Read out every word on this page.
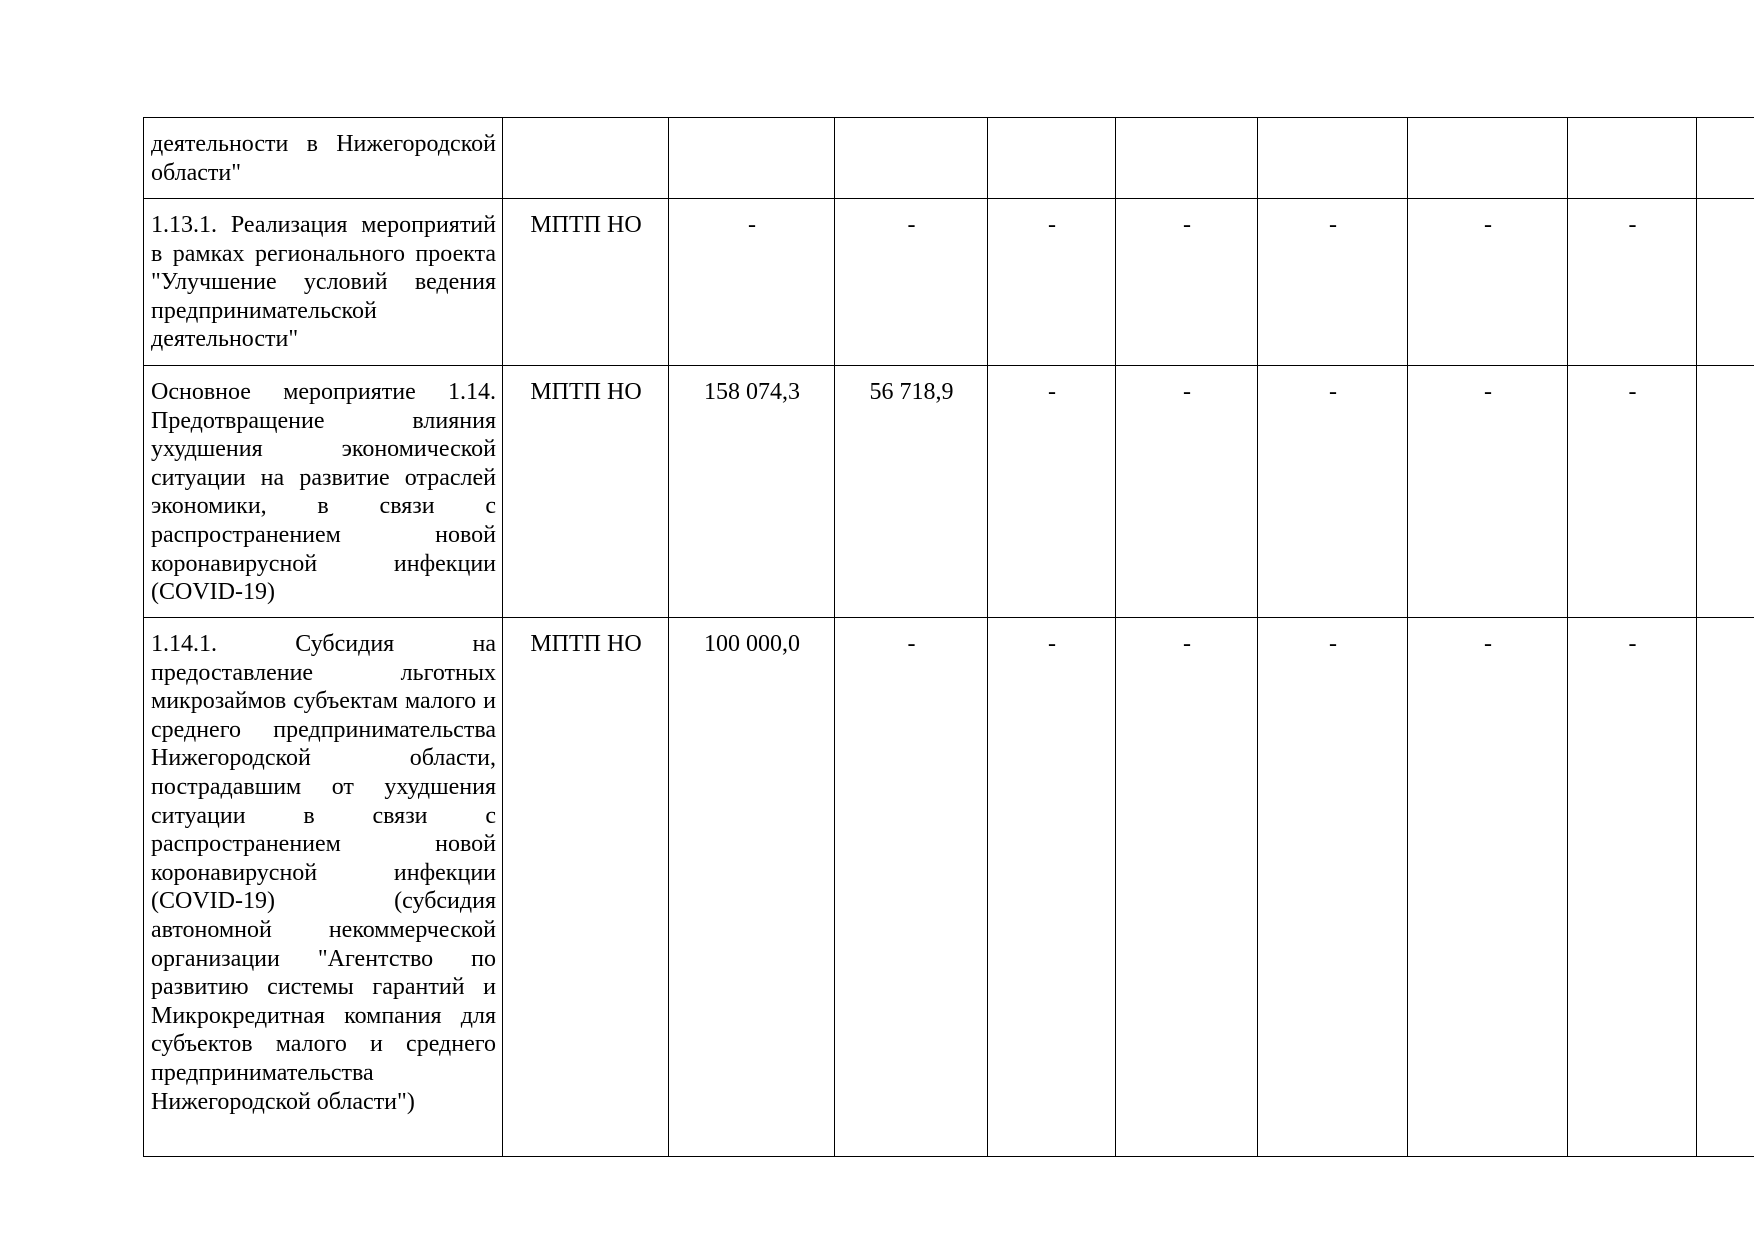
деятельности в Нижегородской области"									
1.13.1. Реализация мероприятий в рамках регионального проекта "Улучшение условий ведения предпринимательской деятельности"	МПТП НО	-	-	-	-	-	-	-	
Основное мероприятие 1.14. Предотвращение влияния ухудшения экономической ситуации на развитие отраслей экономики, в связи с распространением новой коронавирусной инфекции (COVID-19)	МПТП НО	158 074,3	56 718,9	-	-	-	-	-	
1.14.1. Субсидия на предоставление льготных микрозаймов субъектам малого и среднего предпринимательства Нижегородской области, пострадавшим от ухудшения ситуации в связи с распространением новой коронавирусной инфекции (COVID-19) (субсидия автономной некоммерческой организации "Агентство по развитию системы гарантий и Микрокредитная компания для субъектов малого и среднего предпринимательства Нижегородской области")	МПТП НО	100 000,0	-	-	-	-	-	-	
